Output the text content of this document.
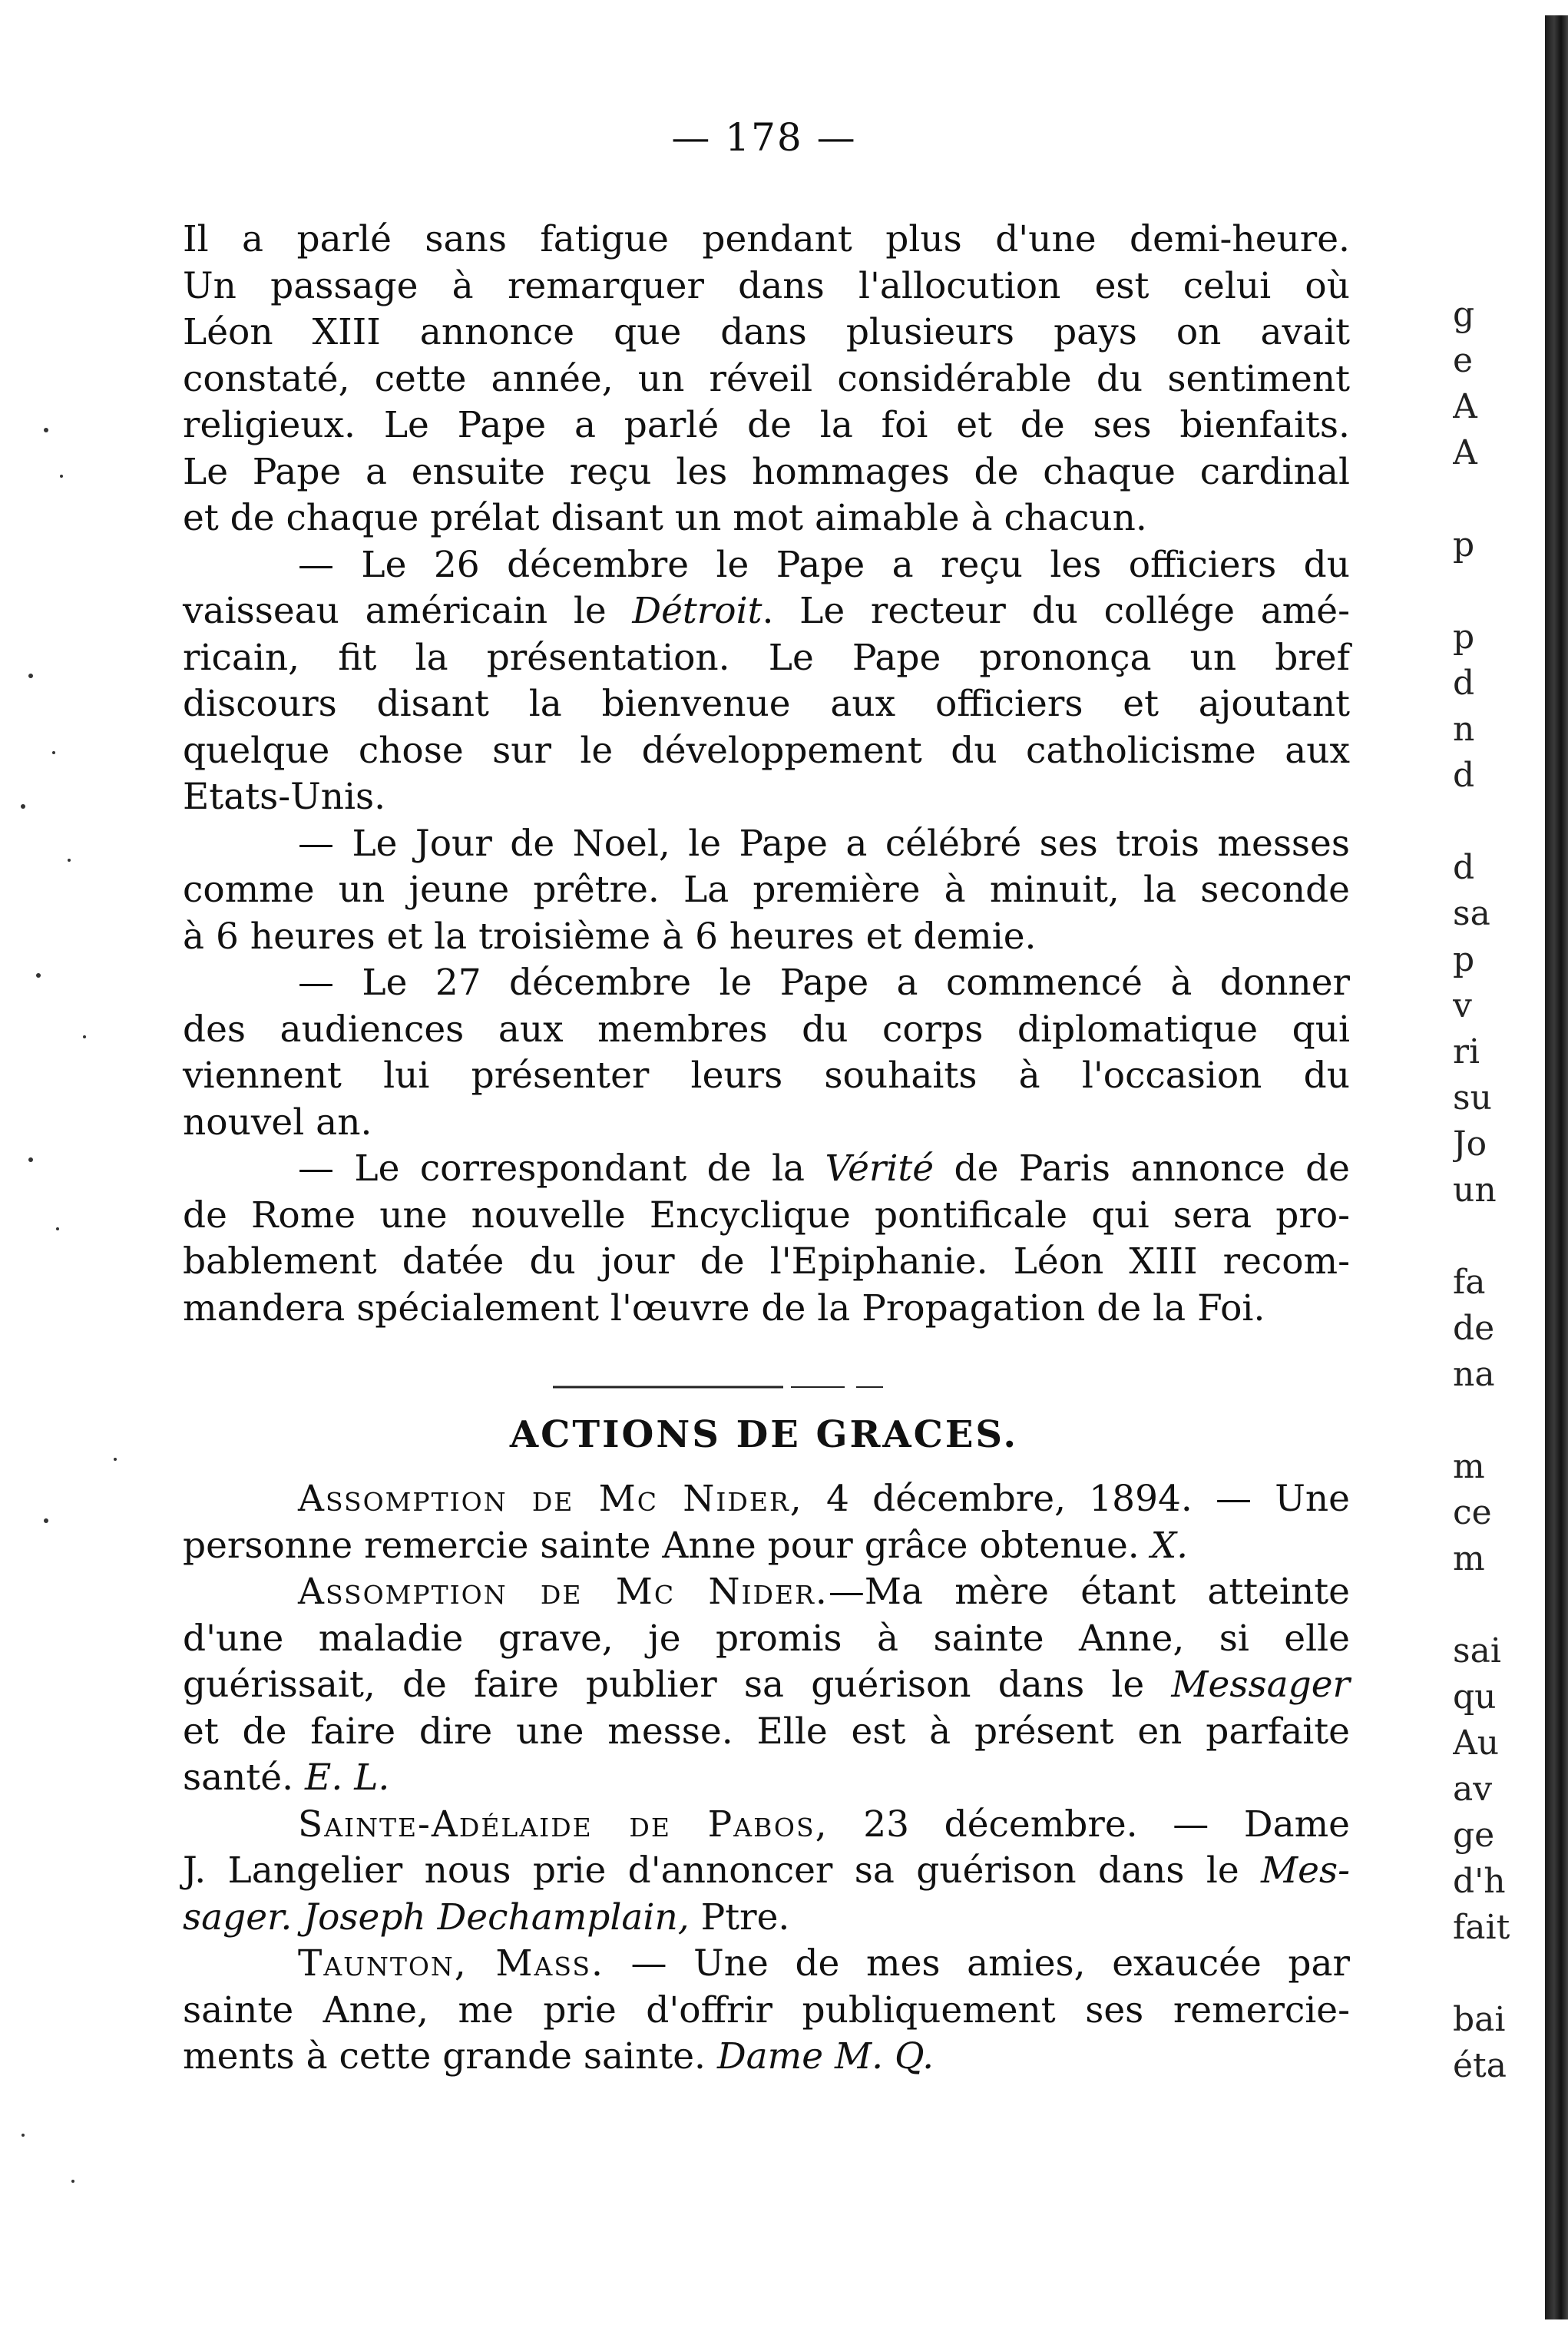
— 178 —
Il a parlé sans fatigue pendant plus d'une demi-heure.
Un passage à remarquer dans l'allocution est celui où
Léon XIII annonce que dans plusieurs pays on avait
constaté, cette année, un réveil considérable du sentiment
religieux. Le Pape a parlé de la foi et de ses bienfaits.
Le Pape a ensuite reçu les hommages de chaque cardinal
et de chaque prélat disant un mot aimable à chacun.
— Le 26 décembre le Pape a reçu les officiers du
vaisseau américain le Détroit. Le recteur du collége amé-
ricain, fit la présentation. Le Pape prononça un bref
discours disant la bienvenue aux officiers et ajoutant
quelque chose sur le développement du catholicisme aux
Etats-Unis.
— Le Jour de Noel, le Pape a célébré ses trois messes
comme un jeune prêtre. La première à minuit, la seconde
à 6 heures et la troisième à 6 heures et demie.
— Le 27 décembre le Pape a commencé à donner
des audiences aux membres du corps diplomatique qui
viennent lui présenter leurs souhaits à l'occasion du
nouvel an.
— Le correspondant de la Vérité de Paris annonce de
de Rome une nouvelle Encyclique pontificale qui sera pro-
bablement datée du jour de l'Epiphanie. Léon XIII recom-
mandera spécialement l'œuvre de la Propagation de la Foi.
ACTIONS DE GRACES.
Assomption de Mc Nider, 4 décembre, 1894. — Une
personne remercie sainte Anne pour grâce obtenue. X.
Assomption de Mc Nider.—Ma mère étant atteinte
d'une maladie grave, je promis à sainte Anne, si elle
guérissait, de faire publier sa guérison dans le Messager
et de faire dire une messe. Elle est à présent en parfaite
santé. E. L.
Sainte-Adélaide de Pabos, 23 décembre. — Dame
J. Langelier nous prie d'annoncer sa guérison dans le Mes-
sager. Joseph Dechamplain, Ptre.
Taunton, Mass. — Une de mes amies, exaucée par
sainte Anne, me prie d'offrir publiquement ses remercie-
ments à cette grande sainte. Dame M. Q.
g
e
A
A

p

p
d
n
d

d
sa
p
v
ri
su
Jo
un

fa
de
na

m
ce
m

sai
qu
Au
av
ge
d'h
fait

bai
éta
